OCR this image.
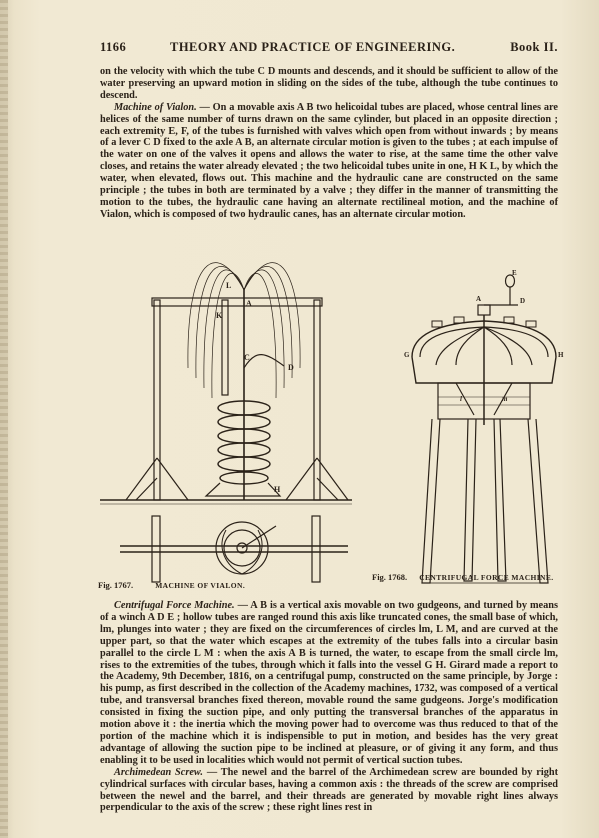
1166	THEORY AND PRACTICE OF ENGINEERING.	Book II.

on the velocity with which the tube C D mounts and descends, and it should be sufficient to allow of the water preserving an upward motion in sliding on the sides of the tube, although the tube continues to descend.

Machine of Vialon. — On a movable axis A B two helicoidal tubes are placed, whose central lines are helices of the same number of turns drawn on the same cylinder, but placed in an opposite direction ; each extremity E, F, of the tubes is furnished with valves which open from without inwards ; by means of a lever C D fixed to the axle A B, an alternate circular motion is given to the tubes ; at each impulse of the water on one of the valves it opens and allows the water to rise, at the same time the other valve closes, and retains the water already elevated ; the two helicoidal tubes unite in one, H K L, by which the water, when elevated, flows out. This machine and the hydraulic cane are constructed on the same principle ; the tubes in both are terminated by a valve ; they differ in the manner of transmitting the motion to the tubes, the hydraulic cane having an alternate rectilineal motion, and the machine of Vialon, which is composed of two hydraulic canes, has an alternate circular motion.

L
A
K
C
D
H
E
A	D
G	H
l	m
Fig. 1767.	MACHINE OF VIALON.
Fig. 1768. CENTRIFUGAL FORCE MACHINE.

Centrifugal Force Machine. — A B is a vertical axis movable on two gudgeons, and turned by means of a winch A D E ; hollow tubes are ranged round this axis like truncated cones, the small base of which, lm, plunges into water ; they are fixed on the circumferences of circles lm, L M, and are curved at the upper part, so that the water which escapes at the extremity of the tubes falls into a circular basin parallel to the circle L M : when the axis A B is turned, the water, to escape from the small circle lm, rises to the extremities of the tubes, through which it falls into the vessel G H. Girard made a report to the Academy, 9th December, 1816, on a centrifugal pump, constructed on the same principle, by Jorge : his pump, as first described in the collection of the Academy machines, 1732, was composed of a vertical tube, and transversal branches fixed thereon, movable round the same gudgeons. Jorge's modification consisted in fixing the suction pipe, and only putting the transversal branches of the apparatus in motion above it : the inertia which the moving power had to overcome was thus reduced to that of the portion of the machine which it is indispensible to put in motion, and besides has the very great advantage of allowing the suction pipe to be inclined at pleasure, or of giving it any form, and thus enabling it to be used in localities which would not permit of vertical suction tubes.

Archimedean Screw. — The newel and the barrel of the Archimedean screw are bounded by right cylindrical surfaces with circular bases, having a common axis : the threads of the screw are comprised between the newel and the barrel, and their threads are generated by movable right lines always perpendicular to the axis of the screw ; these right lines rest in
